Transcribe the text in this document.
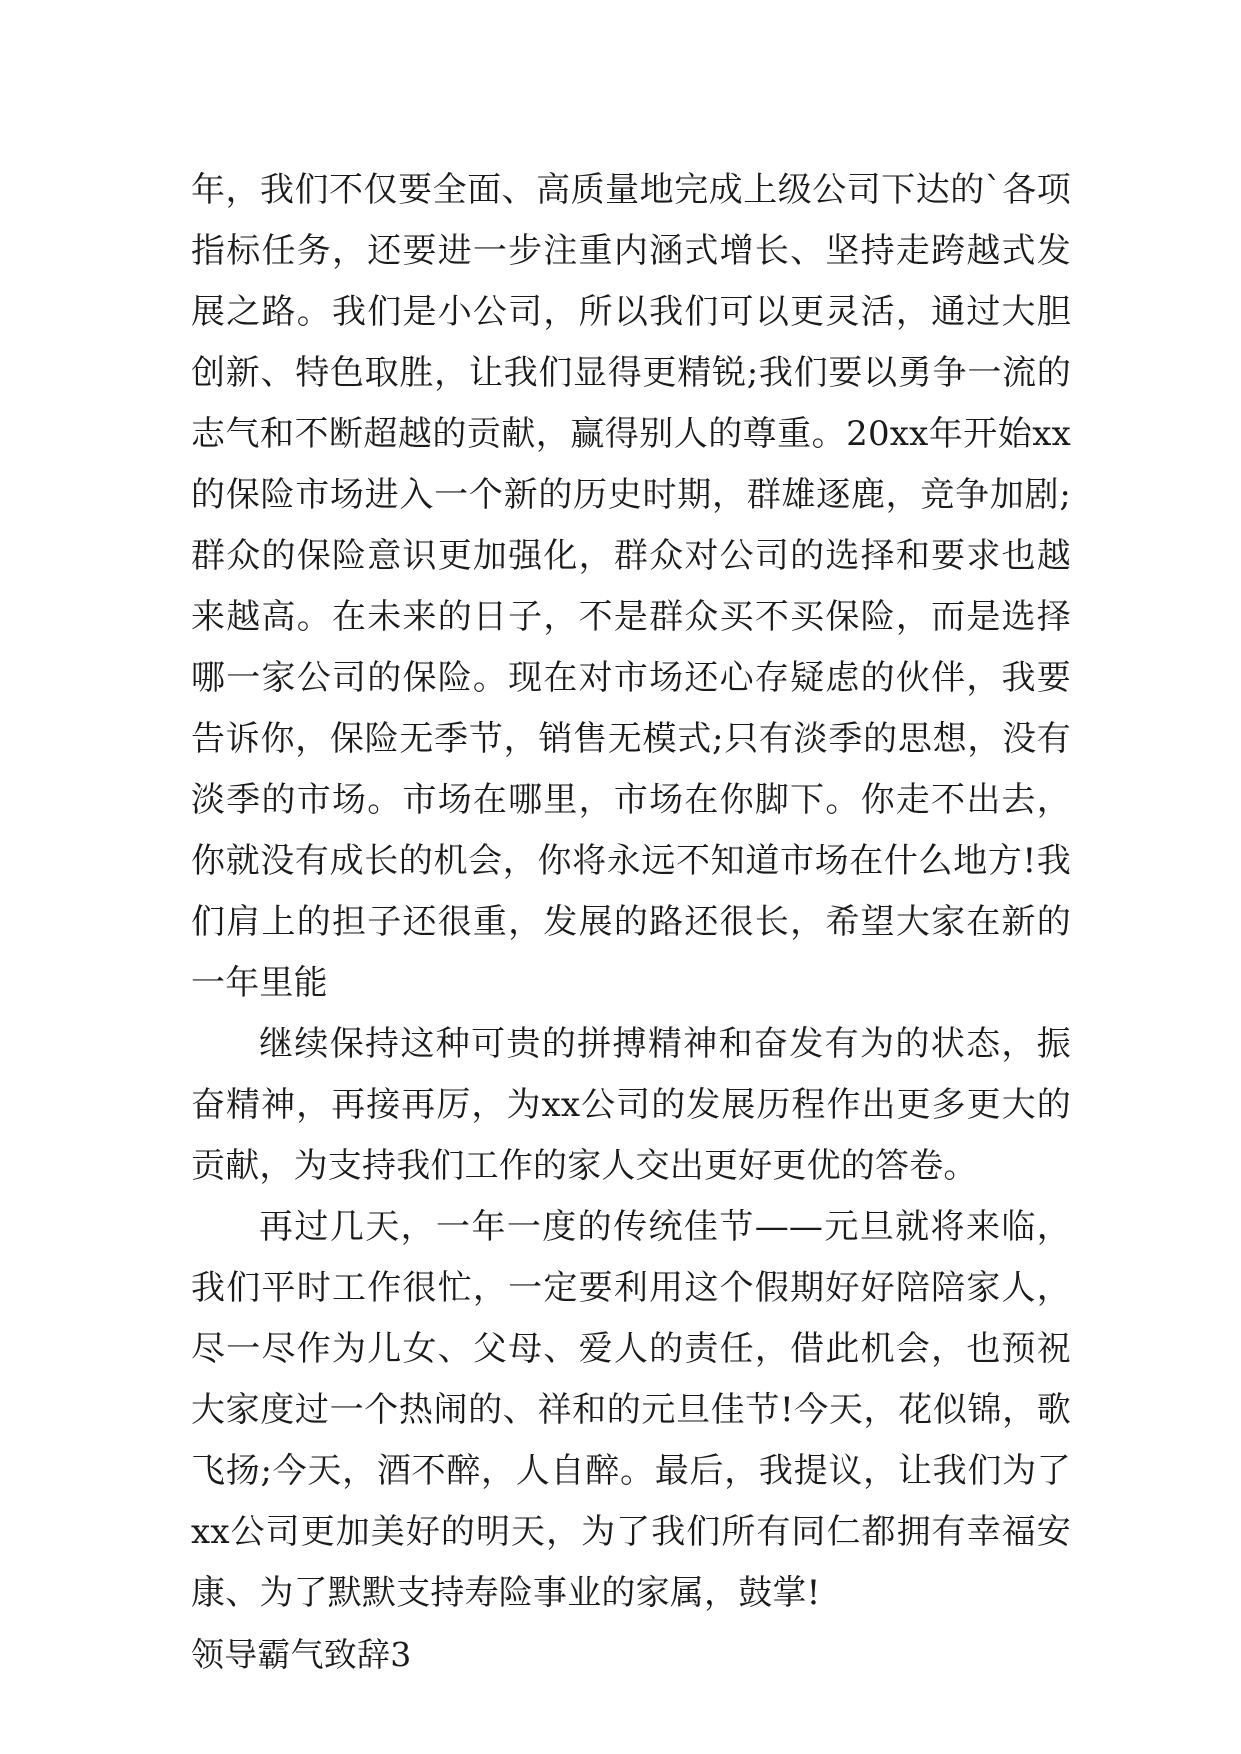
年，我们不仅要全面、高质量地完成上级公司下达的`各项指标任务，还要进一步注重内涵式增长、坚持走跨越式发展之路。我们是小公司，所以我们可以更灵活，通过大胆创新、特色取胜，让我们显得更精锐;我们要以勇争一流的志气和不断超越的贡献，赢得别人的尊重。20xx年开始xx的保险市场进入一个新的历史时期，群雄逐鹿，竞争加剧;群众的保险意识更加强化，群众对公司的选择和要求也越来越高。在未来的日子，不是群众买不买保险，而是选择哪一家公司的保险。现在对市场还心存疑虑的伙伴，我要告诉你，保险无季节，销售无模式;只有淡季的思想，没有淡季的市场。市场在哪里，市场在你脚下。你走不出去，你就没有成长的机会，你将永远不知道市场在什么地方!我们肩上的担子还很重，发展的路还很长，希望大家在新的一年里能

继续保持这种可贵的拼搏精神和奋发有为的状态，振奋精神，再接再厉，为xx公司的发展历程作出更多更大的贡献，为支持我们工作的家人交出更好更优的答卷。

再过几天，一年一度的传统佳节——元旦就将来临，我们平时工作很忙，一定要利用这个假期好好陪陪家人，尽一尽作为儿女、父母、爱人的责任，借此机会，也预祝大家度过一个热闹的、祥和的元旦佳节!今天，花似锦，歌飞扬;今天，酒不醉，人自醉。最后，我提议，让我们为了xx公司更加美好的明天，为了我们所有同仁都拥有幸福安康、为了默默支持寿险事业的家属，鼓掌!

领导霸气致辞3
